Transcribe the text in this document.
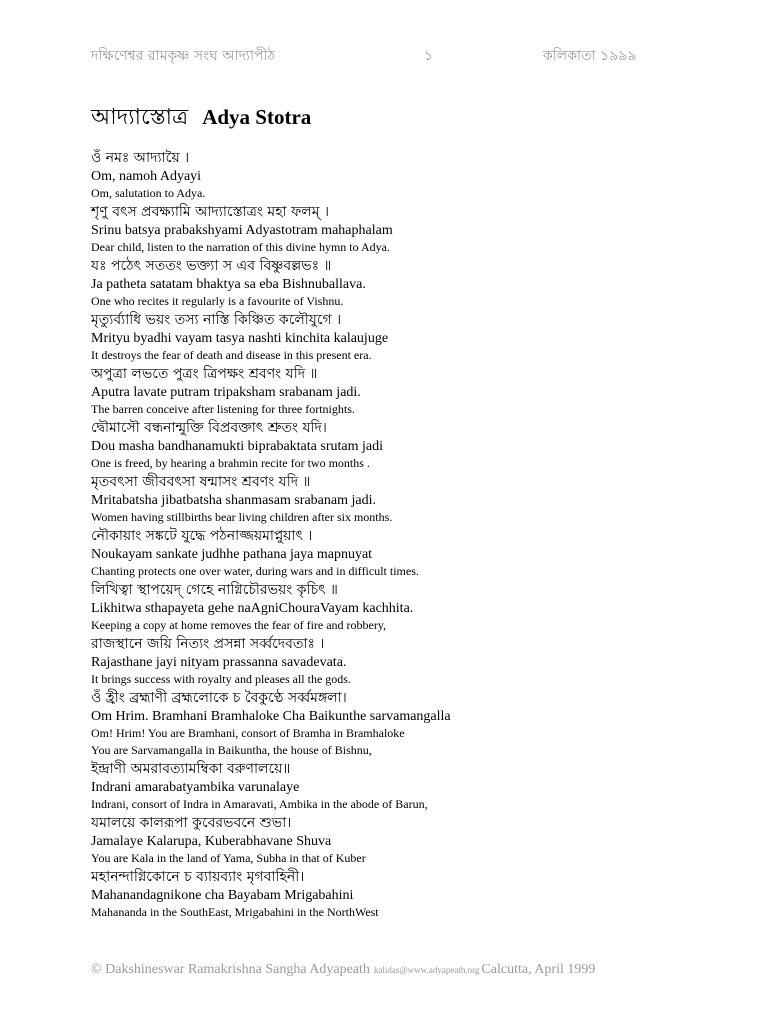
দক্ষিণেশ্বর রামকৃষ্ণ সংঘ আদ্যাপীঠ	১	কলিকাতা ১৯৯৯
আদ্যাস্তোত্র Adya Stotra
ওঁ নমঃ আদ্যায়ৈ ।
Om, namoh Adyayi
Om, salutation to Adya.
শৃণু বৎস প্রবক্ষ্যামি আদ্যাস্তোত্রং মহা ফলম্ ।
Srinu batsya prabakshyami Adyastotram mahaphalam
Dear child, listen to the narration of this divine hymn to Adya.
যঃ পঠেৎ সততং ভক্ত্যা স এব বিষ্ণুবল্লভঃ ॥
Ja patheta satatam bhaktya sa eba Bishnuballava.
One who recites it regularly is a favourite of Vishnu.
মৃত্যুর্ব্যাধি ভয়ং তস্য নাস্তি কিঞ্চিত কলৌযুগে ।
Mrityu byadhi vayam tasya nashti kinchita kalaujuge
It destroys the fear of death and disease in this present era.
অপুত্রা লভতে পুত্রং ত্রিপক্ষং শ্রবণং যদি ॥
Aputra lavate putram tripaksham srabanam jadi.
The barren conceive after listening for three fortnights.
দ্বৌমাসৌ বন্ধনান্মুক্তি বিপ্রবক্তাৎ শ্রুতং যদি।
Dou masha bandhanamukti biprabaktata srutam jadi
One is freed, by hearing a brahmin recite for two months .
মৃতবৎসা জীববৎসা ষন্মাসং শ্রবণং যদি ॥
Mritabatsha jibatbatsha shanmasam srabanam jadi.
Women having stillbirths bear living children after six months.
নৌকায়াং সঙ্কটে যুদ্ধে পঠনাজ্জয়মাপ্নুয়াৎ ।
Noukayam sankate judhhe pathana jaya mapnuyat
Chanting protects one over water, during wars and in difficult times.
লিখিত্বা স্থাপয়েদ্ গেহে নাগ্নিচৌরভয়ং কৃচিৎ ॥
Likhitwa sthapayeta gehe naAgniChouraVayam kachhita.
Keeping a copy at home removes the fear of fire and robbery,
রাজস্থানে জয়ি নিত্যং প্রসন্না সর্ব্বদেবতাঃ ।
Rajasthane jayi nityam prassanna savadevata.
It brings success with royalty and pleases all the gods.
ওঁ হ্রীং ব্রহ্মাণী ব্রহ্মলোকে চ বৈকুণ্ঠে সর্ব্বমঙ্গলা।
Om Hrim. Bramhani Bramhaloke Cha Baikunthe sarvamangalla
Om! Hrim! You are Bramhani, consort of Bramha in Bramhaloke
You are Sarvamangalla in Baikuntha, the house of Bishnu,
ইন্দ্রাণী অমরাবত্যামম্বিকা বরুণালয়ে॥
Indrani amarabatyambika varunalaye
Indrani, consort of Indra in Amaravati, Ambika in the abode of Barun,
যমালয়ে কালরূপা কুবেরভবনে শুভা।
Jamalaye Kalarupa, Kuberabhavane Shuva
You are Kala in the land of Yama, Subha in that of Kuber
মহানন্দাগ্নিকোনে চ ব্যায়ব্যাং মৃগবাহিনী।
Mahanandagnikone cha Bayabam Mrigabahini
Mahananda in the SouthEast, Mrigabahini in the NorthWest
© Dakshineswar Ramakrishna Sangha Adyapeath kalidas@www.adyapeath.org Calcutta, April 1999
